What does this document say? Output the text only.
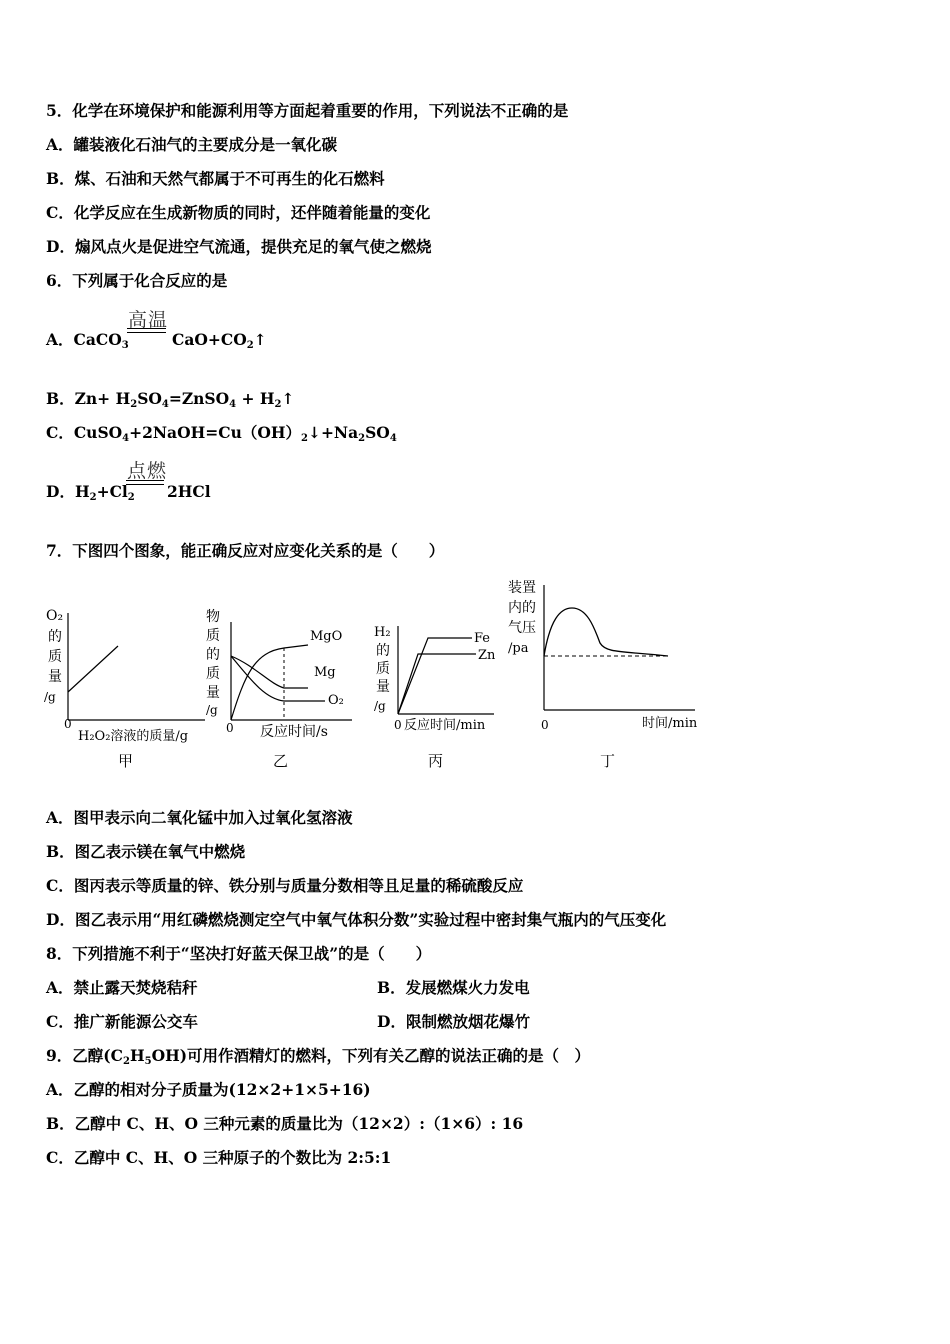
5．化学在环境保护和能源利用等方面起着重要的作用，下列说法不正确的是
A．罐装液化石油气的主要成分是一氧化碳
B．煤、石油和天然气都属于不可再生的化石燃料
C．化学反应在生成新物质的同时，还伴随着能量的变化
D．煽风点火是促进空气流通，提供充足的氧气使之燃烧
6．下列属于化合反应的是
A．CaCO$_3$
高温
$CaO+CO_2↑$
B．$Zn+ H_2SO_4=ZnSO_4$ + $H_2↑$
C．$CuSO_4+2NaOH=Cu(OH)_2↓+Na_2SO_4$
D．$H_2+Cl_2$
点燃
2HCl
7．下图四个图象，能正确反应对应变化关系的是（　　）
O₂
的
质
量
/g
0
H₂O₂溶液的质量/g
甲
物
质
的
质
量
/g
0 反应时间/s
MgO
Mg
O₂
乙
H₂
的
质
量
/g
0 反应时间/min
Fe
Zn
丙
装置
内的
气压
/pa
0	时间/min
丁
A．图甲表示向二氧化锰中加入过氧化氢溶液
B．图乙表示镁在氧气中燃烧
C．图丙表示等质量的锌、铁分别与质量分数相等且足量的稀硫酸反应
D．图乙表示用“用红磷燃烧测定空气中氧气体积分数”实验过程中密封集气瓶内的气压变化
8．下列措施不利于“坚决打好蓝天保卫战”的是（　　）
A．禁止露天焚烧秸秆	B．发展燃煤火力发电
C．推广新能源公交车	D．限制燃放烟花爆竹
9．乙醇$(C_2H_5OH)$可用作酒精灯的燃料，下列有关乙醇的说法正确的是（　）
A．乙醇的相对分子质量为(12×2+1×5+16)
B．乙醇中 C、H、O 三种元素的质量比为（12×2）:（1×6）: 16
C．乙醇中 C、H、O 三种原子的个数比为 2:5:1
